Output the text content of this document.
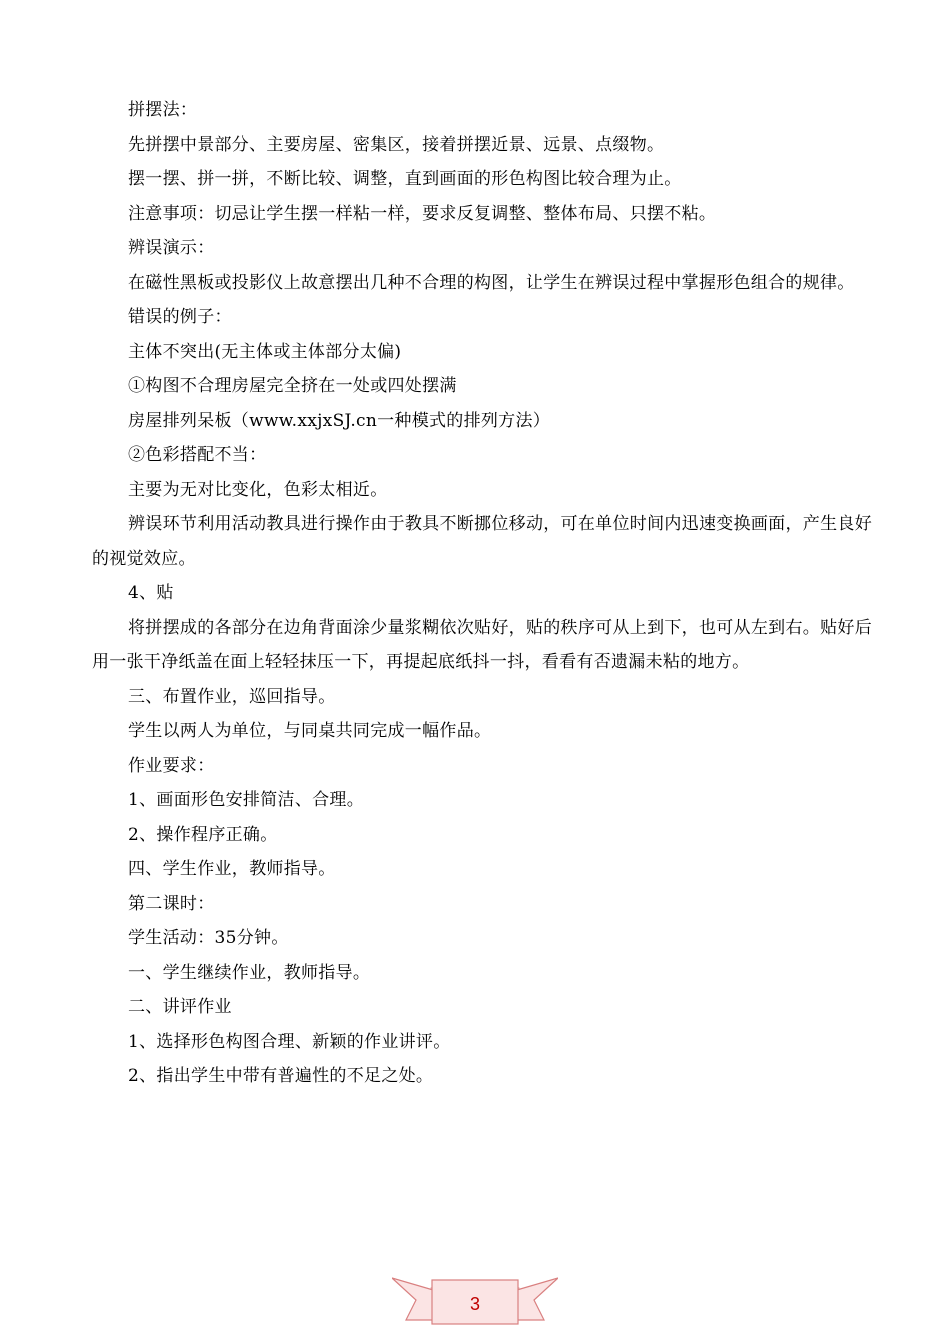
拼摆法：

先拼摆中景部分、主要房屋、密集区，接着拼摆近景、远景、点缀物。

摆一摆、拼一拼，不断比较、调整，直到画面的形色构图比较合理为止。

注意事项：切忌让学生摆一样粘一样，要求反复调整、整体布局、只摆不粘。

辨误演示：

在磁性黑板或投影仪上故意摆出几种不合理的构图，让学生在辨误过程中掌握形色组合的规律。

错误的例子：

主体不突出(无主体或主体部分太偏)

①构图不合理房屋完全挤在一处或四处摆满

房屋排列呆板（www.xxjxSJ.cn一种模式的排列方法）

②色彩搭配不当：

主要为无对比变化，色彩太相近。

辨误环节利用活动教具进行操作由于教具不断挪位移动，可在单位时间内迅速变换画面，产生良好的视觉效应。

4、贴

将拼摆成的各部分在边角背面涂少量浆糊依次贴好，贴的秩序可从上到下，也可从左到右。贴好后用一张干净纸盖在面上轻轻抹压一下，再提起底纸抖一抖，看看有否遗漏未粘的地方。

三、布置作业，巡回指导。

学生以两人为单位，与同桌共同完成一幅作品。

作业要求：

1、画面形色安排简洁、合理。

2、操作程序正确。

四、学生作业，教师指导。

第二课时：

学生活动：35分钟。

一、学生继续作业，教师指导。

二、讲评作业

1、选择形色构图合理、新颖的作业讲评。

2、指出学生中带有普遍性的不足之处。

3
